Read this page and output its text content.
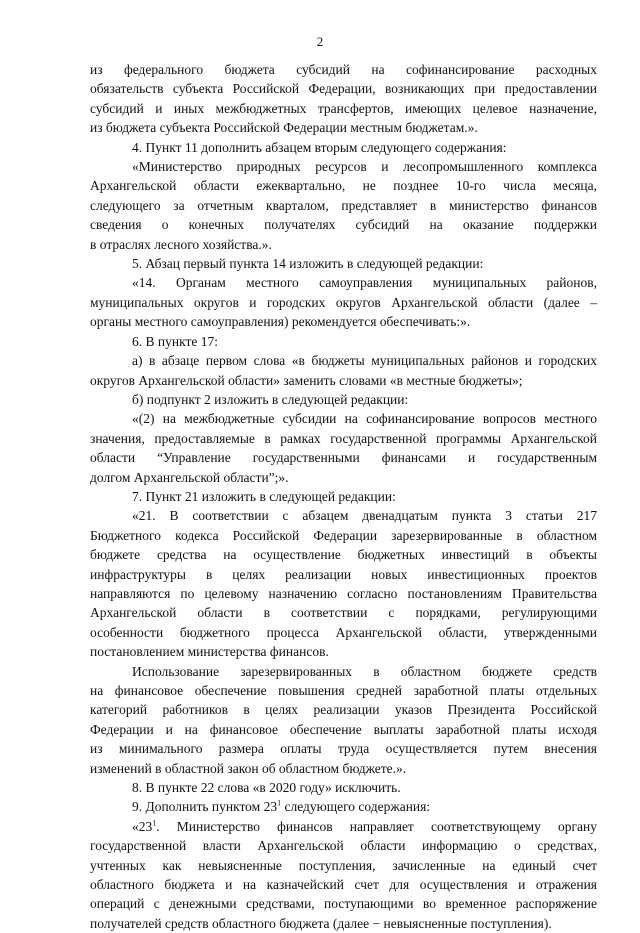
2

из федерального бюджета субсидий на софинансирование расходных
обязательств субъекта Российской Федерации, возникающих при предоставлении
субсидий и иных межбюджетных трансфертов, имеющих целевое назначение,
из бюджета субъекта Российской Федерации местным бюджетам.».

4. Пункт 11 дополнить абзацем вторым следующего содержания:

«Министерство природных ресурсов и лесопромышленного комплекса
Архангельской области ежеквартально, не позднее 10-го числа месяца,
следующего за отчетным кварталом, представляет в министерство финансов
сведения о конечных получателях субсидий на оказание поддержки
в отраслях лесного хозяйства.».

5. Абзац первый пункта 14 изложить в следующей редакции:

«14. Органам местного самоуправления муниципальных районов,
муниципальных округов и городских округов Архангельской области (далее –
органы местного самоуправления) рекомендуется обеспечивать:».

6. В пункте 17:

а) в абзаце первом слова «в бюджеты муниципальных районов и городских
округов Архангельской области» заменить словами «в местные бюджеты»;

б) подпункт 2 изложить в следующей редакции:

«(2) на межбюджетные субсидии на софинансирование вопросов местного
значения, предоставляемые в рамках государственной программы Архангельской
области “Управление государственными финансами и государственным
долгом Архангельской области”;».

7. Пункт 21 изложить в следующей редакции:

«21. В соответствии с абзацем двенадцатым пункта 3 статьи 217
Бюджетного кодекса Российской Федерации зарезервированные в областном
бюджете средства на осуществление бюджетных инвестиций в объекты
инфраструктуры в целях реализации новых инвестиционных проектов
направляются по целевому назначению согласно постановлениям Правительства
Архангельской области в соответствии с порядками, регулирующими
особенности бюджетного процесса Архангельской области, утвержденными
постановлением министерства финансов.

Использование зарезервированных в областном бюджете средств
на финансовое обеспечение повышения средней заработной платы отдельных
категорий работников в целях реализации указов Президента Российской
Федерации и на финансовое обеспечение выплаты заработной платы исходя
из минимального размера оплаты труда осуществляется путем внесения
изменений в областной закон об областном бюджете.».

8. В пункте 22 слова «в 2020 году» исключить.

9. Дополнить пунктом $23^1$ следующего содержания:

«$23^1$. Министерство финансов направляет соответствующему органу
государственной власти Архангельской области информацию о средствах,
учтенных как невыясненные поступления, зачисленные на единый счет
областного бюджета и на казначейский счет для осуществления и отражения
операций с денежными средствами, поступающими во временное распоряжение
получателей средств областного бюджета (далее − невыясненные поступления).
